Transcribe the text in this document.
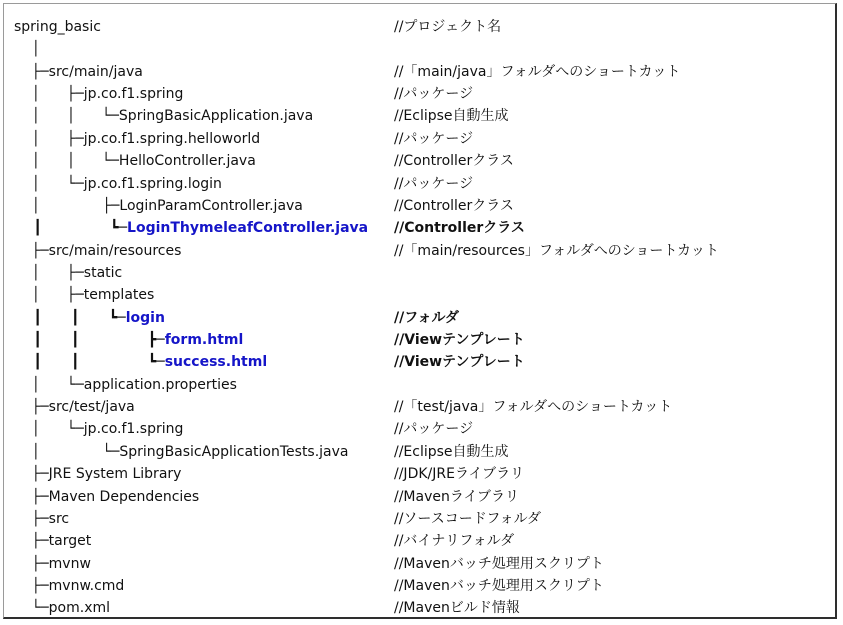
spring_basic	//プロジェクト名
│
├─src/main/java	//「main/java」フォルダへのショートカット
│      ├─jp.co.f1.spring	//パッケージ
│      │      └─SpringBasicApplication.java	//Eclipse自動生成
│      ├─jp.co.f1.spring.helloworld	//パッケージ
│      │      └─HelloController.java	//Controllerクラス
│      └─jp.co.f1.spring.login	//パッケージ
│              ├─LoginParamController.java	//Controllerクラス
┃              ┗─LoginThymeleafController.java //Controllerクラス
├─src/main/resources	//「main/resources」フォルダへのショートカット
│      ├─static
│      ├─templates
┃      ┃      ┗─login	//フォルダ
┃      ┃              ┣─form.html	//Viewテンプレート
┃      ┃              ┗─success.html	//Viewテンプレート
│      └─application.properties
├─src/test/java	//「test/java」フォルダへのショートカット
│      └─jp.co.f1.spring	//パッケージ
│              └─SpringBasicApplicationTests.java	//Eclipse自動生成
├─JRE System Library	//JDK/JREライブラリ
├─Maven Dependencies	//Mavenライブラリ
├─src	//ソースコードフォルダ
├─target	//バイナリフォルダ
├─mvnw	//Mavenバッチ処理用スクリプト
├─mvnw.cmd	//Mavenバッチ処理用スクリプト
└─pom.xml	//Mavenビルド情報
